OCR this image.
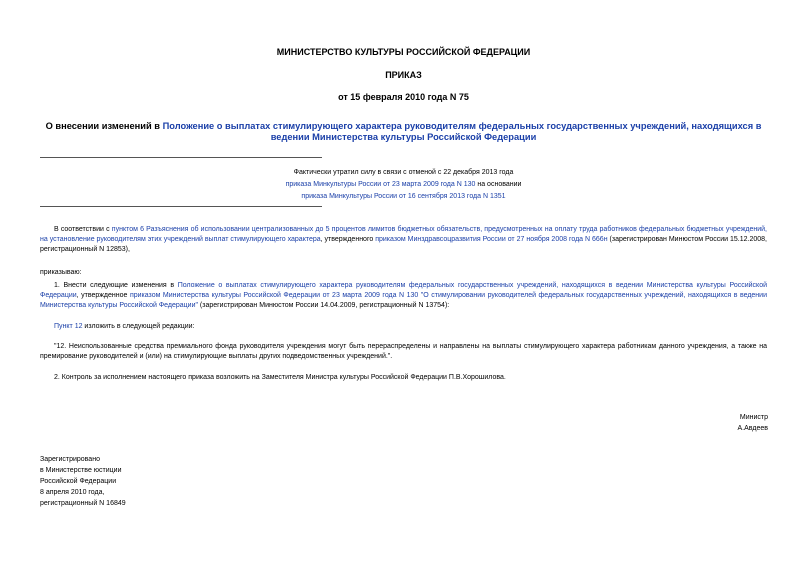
МИНИСТЕРСТВО КУЛЬТУРЫ РОССИЙСКОЙ ФЕДЕРАЦИИ
ПРИКАЗ
от 15 февраля 2010 года N 75
О внесении изменений в Положение о выплатах стимулирующего характера руководителям федеральных государственных учреждений, находящихся в ведении Министерства культуры Российской Федерации
Фактически утратил силу в связи с отменой с 22 декабря 2013 года
приказа Минкультуры России от 23 марта 2009 года N 130 на основании
приказа Минкультуры России от 16 сентября 2013 года N 1351
В соответствии с пунктом 6 Разъяснения об использовании централизованных до 5 процентов лимитов бюджетных обязательств, предусмотренных на оплату труда работников федеральных бюджетных учреждений, на установление руководителям этих учреждений выплат стимулирующего характера, утвержденного приказом Минздравсоцразвития России от 27 ноября 2008 года N 666н (зарегистрирован Минюстом России 15.12.2008, регистрационный N 12853),
приказываю:
1. Внести следующие изменения в Положение о выплатах стимулирующего характера руководителям федеральных государственных учреждений, находящихся в ведении Министерства культуры Российской Федерации, утвержденное приказом Министерства культуры Российской Федерации от 23 марта 2009 года N 130 "О стимулировании руководителей федеральных государственных учреждений, находящихся в ведении Министерства культуры Российской Федерации" (зарегистрирован Минюстом России 14.04.2009, регистрационный N 13754):
Пункт 12 изложить в следующей редакции:
"12. Неиспользованные средства премиального фонда руководителя учреждения могут быть перераспределены и направлены на выплаты стимулирующего характера работникам данного учреждения, а также на премирование руководителей и (или) на стимулирующие выплаты других подведомственных учреждений.".
2. Контроль за исполнением настоящего приказа возложить на Заместителя Министра культуры Российской Федерации П.В.Хорошилова.
Министр
А.Авдеев
Зарегистрировано
в Министерстве юстиции
Российской Федерации
8 апреля 2010 года,
регистрационный N 16849
